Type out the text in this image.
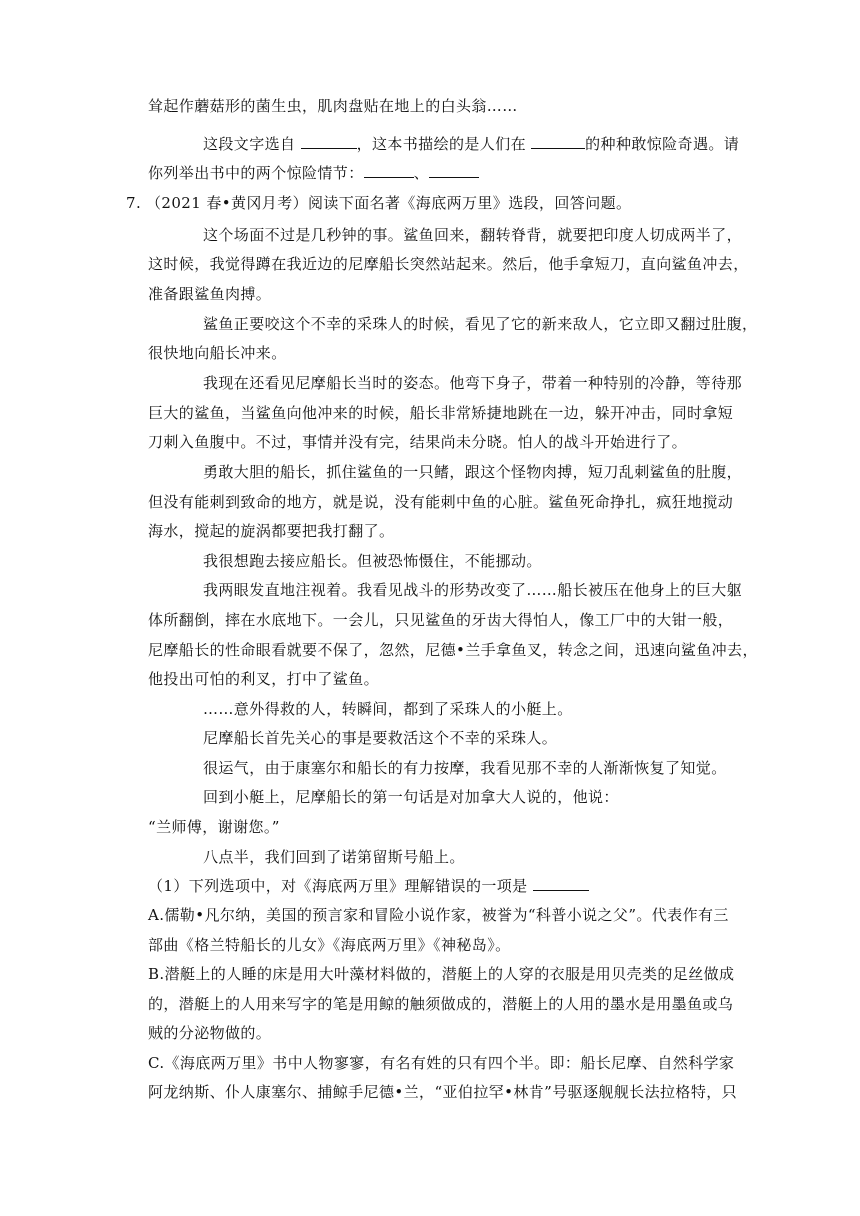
耸起作蘑菇形的菌生虫，肌肉盘贴在地上的白头翁……
这段文字选自	，这本书描绘的是人们在	的种种敢惊险奇遇。请
你列举出书中的两个惊险情节：	、
7. （2021 春•黄冈月考）阅读下面名著《海底两万里》选段，回答问题。
这个场面不过是几秒钟的事。鲨鱼回来，翻转脊背，就要把印度人切成两半了，
这时候，我觉得蹲在我近边的尼摩船长突然站起来。然后，他手拿短刀，直向鲨鱼冲去，
准备跟鲨鱼肉搏。
鲨鱼正要咬这个不幸的采珠人的时候，看见了它的新来敌人，它立即又翻过肚腹，
很快地向船长冲来。
我现在还看见尼摩船长当时的姿态。他弯下身子，带着一种特别的冷静，等待那
巨大的鲨鱼，当鲨鱼向他冲来的时候，船长非常矫捷地跳在一边，躲开冲击，同时拿短
刀刺入鱼腹中。不过，事情并没有完，结果尚未分晓。怕人的战斗开始进行了。
勇敢大胆的船长，抓住鲨鱼的一只鳍，跟这个怪物肉搏，短刀乱刺鲨鱼的肚腹，
但没有能刺到致命的地方，就是说，没有能刺中鱼的心脏。鲨鱼死命挣扎，疯狂地搅动
海水，搅起的旋涡都要把我打翻了。
我很想跑去接应船长。但被恐怖慑住，不能挪动。
我两眼发直地注视着。我看见战斗的形势改变了……船长被压在他身上的巨大躯
体所翻倒，摔在水底地下。一会儿，只见鲨鱼的牙齿大得怕人，像工厂中的大钳一般，
尼摩船长的性命眼看就要不保了，忽然，尼德•兰手拿鱼叉，转念之间，迅速向鲨鱼冲去，
他投出可怕的利叉，打中了鲨鱼。
……意外得救的人，转瞬间，都到了采珠人的小艇上。
尼摩船长首先关心的事是要救活这个不幸的采珠人。
很运气，由于康塞尔和船长的有力按摩，我看见那不幸的人渐渐恢复了知觉。
回到小艇上，尼摩船长的第一句话是对加拿大人说的，他说：
“兰师傅，谢谢您。”
八点半，我们回到了诺第留斯号船上。
（1）下列选项中，对《海底两万里》理解错误的一项是
A.儒勒•凡尔纳，美国的预言家和冒险小说作家，被誉为“科普小说之父”。代表作有三
部曲《格兰特船长的儿女》《海底两万里》《神秘岛》。
B.潜艇上的人睡的床是用大叶藻材料做的，潜艇上的人穿的衣服是用贝壳类的足丝做成
的，潜艇上的人用来写字的笔是用鲸的触须做成的，潜艇上的人用的墨水是用墨鱼或乌
贼的分泌物做的。
C.《海底两万里》书中人物寥寥，有名有姓的只有四个半。即：船长尼摩、自然科学家
阿龙纳斯、仆人康塞尔、捕鲸手尼德•兰，“亚伯拉罕•林肯”号驱逐舰舰长法拉格特，只
